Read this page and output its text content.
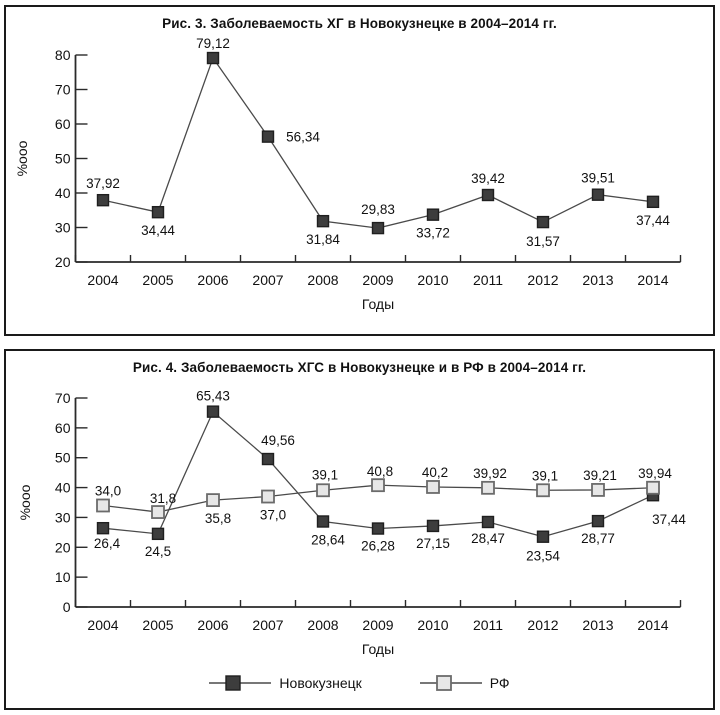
Рис. 3. Заболеваемость ХГ в Новокузнецке в 2004–2014 гг.
20
30
40
50
60
70
80
2004 2005 2006 2007 2008 2009 2010 2011 2012 2013 2014
Годы
%ооо
37,92
34,44
79,12
56,34
31,84
29,83
33,72
39,42
31,57
39,51
37,44
Рис. 4. Заболеваемость ХГС в Новокузнецке и в РФ в 2004–2014 гг.
0
10
20
30
40
50
60
70
2004 2005 2006 2007 2008 2009 2010 2011 2012 2013 2014
Годы
%ооо
26,4
24,5
65,43
49,56
28,64 26,28 27,15 28,47
23,54
28,77
37,44
34,0
31,8
35,8 37,0
39,1 40,8 40,2 39,92 39,1 39,21 39,94
Новокузнецк	РФ
